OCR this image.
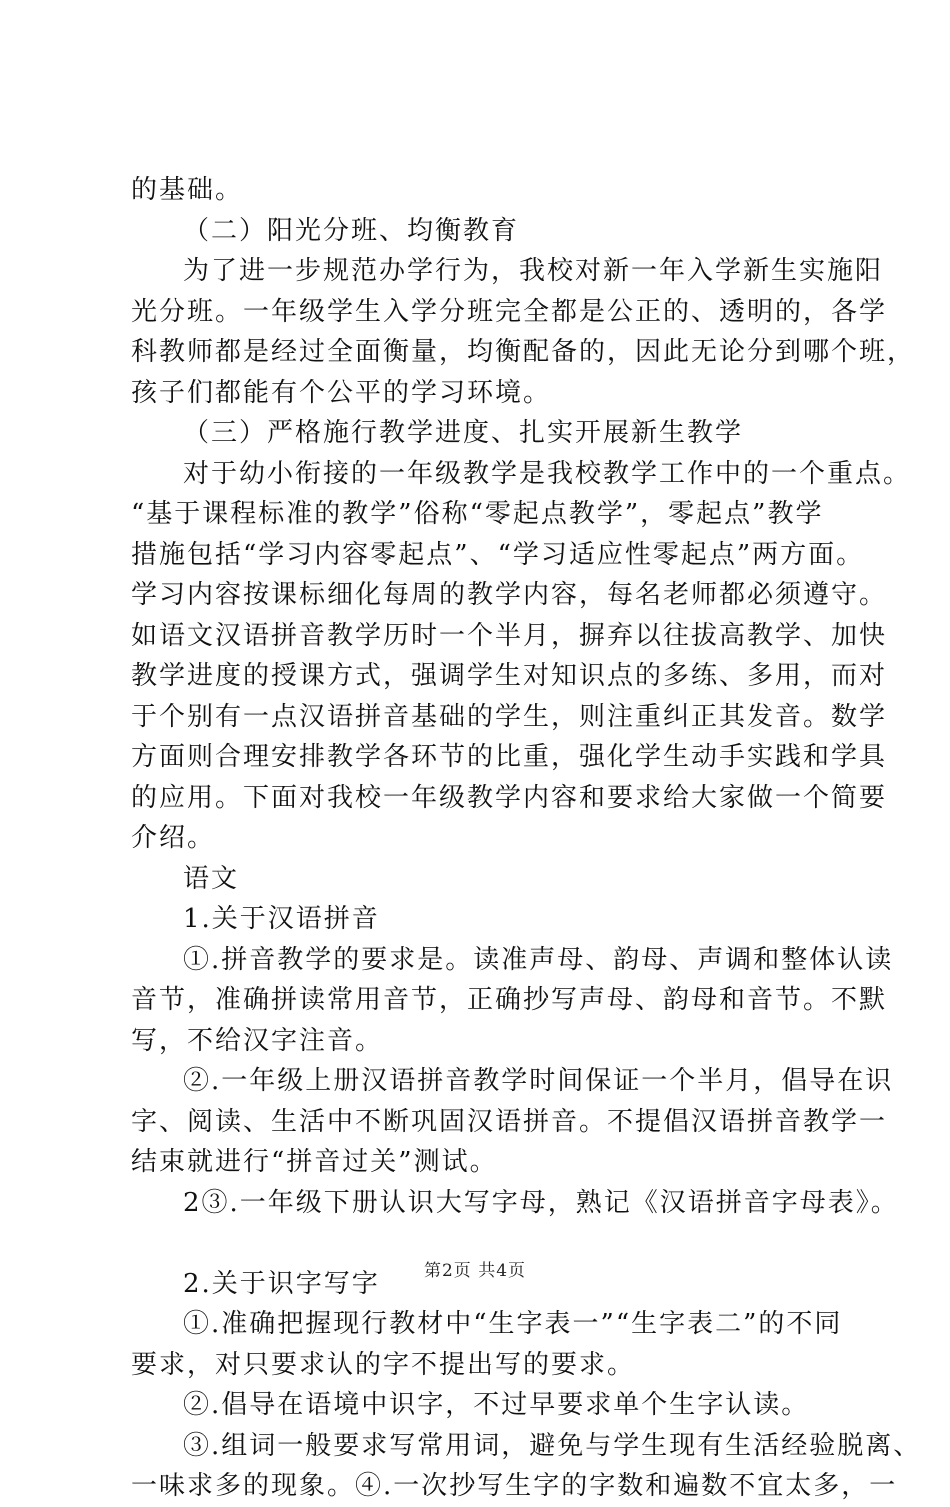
的基础。
（二）阳光分班、均衡教育
为了进一步规范办学行为，我校对新一年入学新生实施阳
光分班。一年级学生入学分班完全都是公正的、透明的，各学
科教师都是经过全面衡量，均衡配备的，因此无论分到哪个班，
孩子们都能有个公平的学习环境。
（三）严格施行教学进度、扎实开展新生教学
对于幼小衔接的一年级教学是我校教学工作中的一个重点。
“基于课程标准的教学”俗称“零起点教学”，零起点”教学
措施包括“学习内容零起点”、“学习适应性零起点”两方面。
学习内容按课标细化每周的教学内容，每名老师都必须遵守。
如语文汉语拼音教学历时一个半月，摒弃以往拔高教学、加快
教学进度的授课方式，强调学生对知识点的多练、多用，而对
于个别有一点汉语拼音基础的学生，则注重纠正其发音。数学
方面则合理安排教学各环节的比重，强化学生动手实践和学具
的应用。下面对我校一年级教学内容和要求给大家做一个简要
介绍。
语文
1.关于汉语拼音
①.拼音教学的要求是。读准声母、韵母、声调和整体认读
音节，准确拼读常用音节，正确抄写声母、韵母和音节。不默
写，不给汉字注音。
②.一年级上册汉语拼音教学时间保证一个半月，倡导在识
字、阅读、生活中不断巩固汉语拼音。不提倡汉语拼音教学一
结束就进行“拼音过关”测试。
2③.一年级下册认识大写字母，熟记《汉语拼音字母表》。
2.关于识字写字
①.准确把握现行教材中“生字表一”“生字表二”的不同
要求，对只要求认的字不提出写的要求。
②.倡导在语境中识字，不过早要求单个生字认读。
③.组词一般要求写常用词，避免与学生现有生活经验脱离、
一味求多的现象。④.一次抄写生字的字数和遍数不宜太多，一
第2页 共4页
